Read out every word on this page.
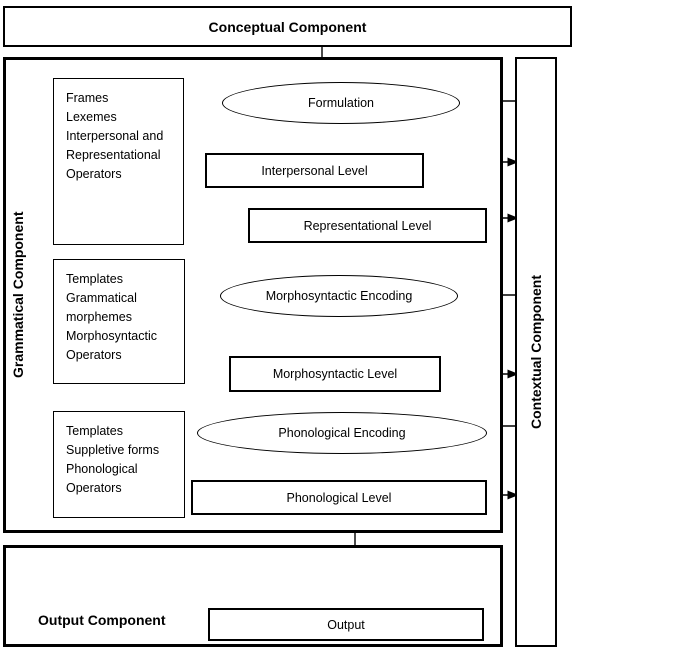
Conceptual Component
Grammatical Component	Contextual Component
Frames
Lexemes
Interpersonal and
Representational
Operators
Templates
Grammatical
morphemes
Morphosyntactic
Operators
Templates
Suppletive forms
Phonological
Operators
Formulation
Morphosyntactic Encoding
Phonological Encoding
Interpersonal Level
Representational Level
Morphosyntactic Level
Phonological Level
Output Component	Output
